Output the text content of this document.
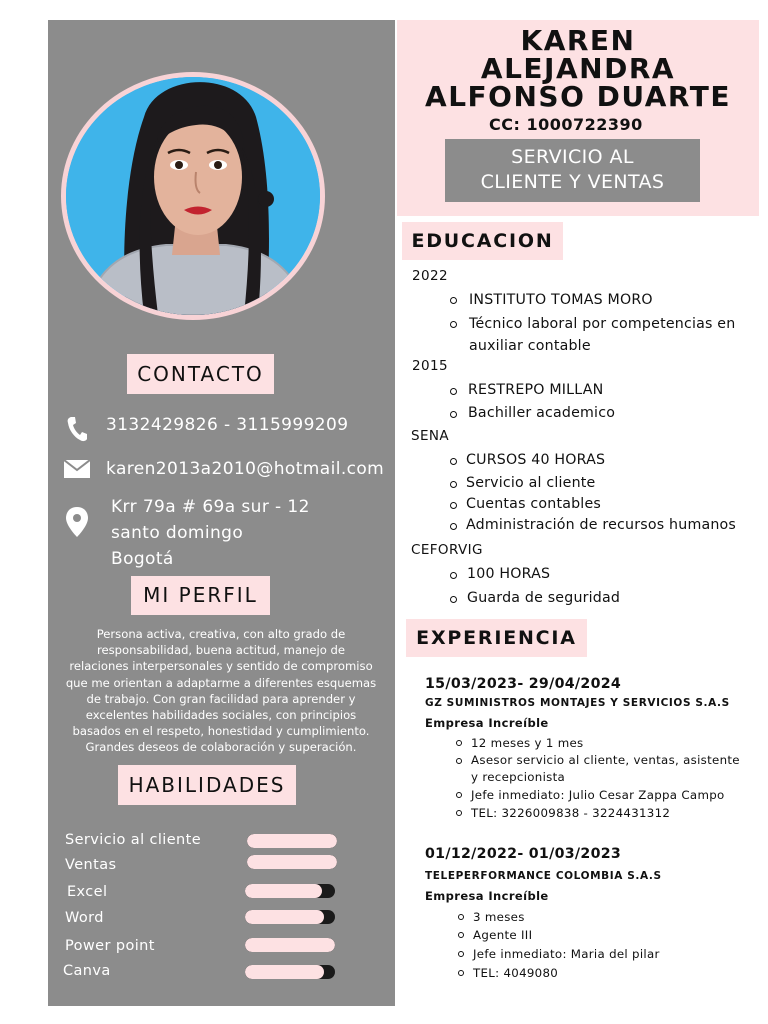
CONTACTO
3132429826 - 3115999209
karen2013a2010@hotmail.com
Krr 79a # 69a sur - 12
santo domingo
Bogotá
MI PERFIL
Persona activa, creativa, con alto grado de
responsabilidad, buena actitud, manejo de
relaciones interpersonales y sentido de compromiso
que me orientan a adaptarme a diferentes esquemas
de trabajo. Con gran facilidad para aprender y
excelentes habilidades sociales, con principios
basados en el respeto, honestidad y cumplimiento.
Grandes deseos de colaboración y superación.
HABILIDADES
Servicio al cliente
Ventas
Excel
Word
Power point
Canva
KAREN
ALEJANDRA
ALFONSO DUARTE
CC: 1000722390
SERVICIO AL
CLIENTE Y VENTAS
EDUCACION
2022
INSTITUTO TOMAS MORO
Técnico laboral por competencias en
auxiliar contable
2015
RESTREPO MILLAN
Bachiller academico
SENA
CURSOS 40 HORAS
Servicio al cliente
Cuentas contables
Administración de recursos humanos
CEFORVIG
100 HORAS
Guarda de seguridad
EXPERIENCIA
15/03/2023- 29/04/2024
GZ SUMINISTROS MONTAJES Y SERVICIOS S.A.S
Empresa Increíble
12 meses y 1 mes
Asesor servicio al cliente, ventas, asistente
y recepcionista
Jefe inmediato: Julio Cesar Zappa Campo
TEL: 3226009838 - 3224431312
01/12/2022- 01/03/2023
TELEPERFORMANCE COLOMBIA S.A.S
Empresa Increíble
3 meses
Agente III
Jefe inmediato: Maria del pilar
TEL: 4049080
